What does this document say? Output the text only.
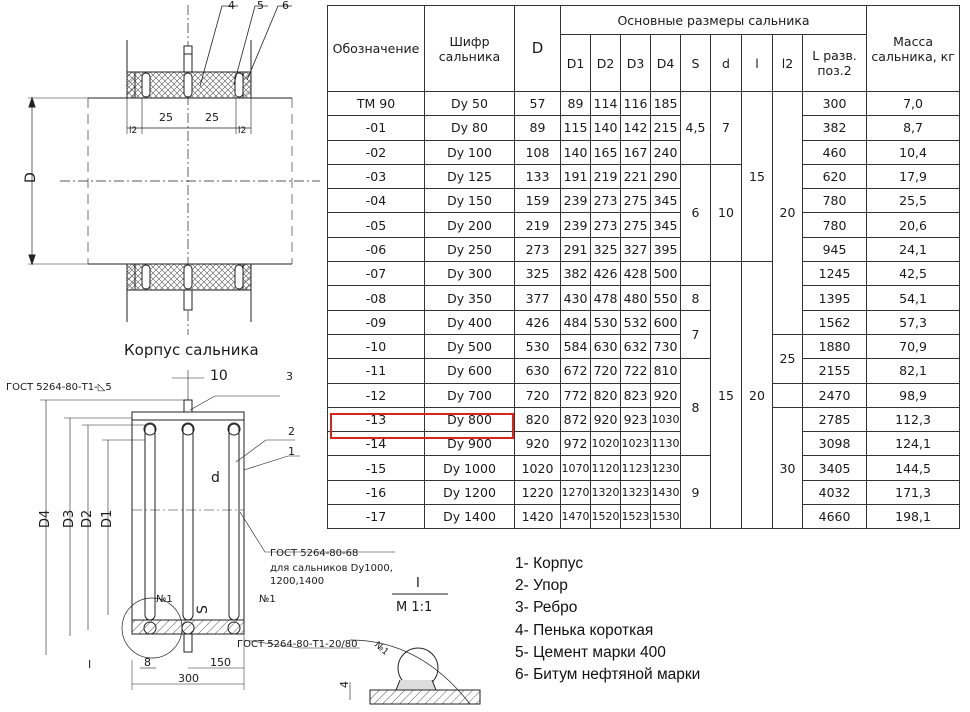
4 5 6
25	25
l2	l2
D
Корпус сальника
ГОСТ 5264-80-Т1-◺5
10	3
2
1
D4 D3 D2 D1
d
ГОСТ 5264-80-68
для сальников Dy1000,
1200,1400
№1	№1
S
I	8	150
300
ГОСТ 5264-80-Т1-20/80
I
M 1:1
№1
4
Обозначение	Шифр сальника	D	Основные размеры сальника									Масса сальника, кг
			D1	D2	D3	D4	S	d	l	l2	L разв. поз.2	
ТМ 90	Dy 50	57	89	114	116	185	4,5	7	15	20	300	7,0
-01	Dy 80	89	115	140	142	215					382	8,7
-02	Dy 100	108	140	165	167	240					460	10,4
-03	Dy 125	133	191	219	221	290	6	10			620	17,9
-04	Dy 150	159	239	273	275	345					780	25,5
-05	Dy 200	219	239	273	275	345					780	20,6
-06	Dy 250	273	291	325	327	395					945	24,1
-07	Dy 300	325	382	426	428	500		15	20		1245	42,5
-08	Dy 350	377	430	478	480	550	8				1395	54,1
-09	Dy 400	426	484	530	532	600	7				1562	57,3
-10	Dy 500	530	584	630	632	730				25	1880	70,9
-11	Dy 600	630	672	720	722	810	8				2155	82,1
-12	Dy 700	720	772	820	823	920					2470	98,9
-13	Dy 800	820	872	920	923	1030				30	2785	112,3
-14	Dy 900	920	972	1020	1023	1130					3098	124,1
-15	Dy 1000	1020	1070	1120	1123	1230	9				3405	144,5
-16	Dy 1200	1220	1270	1320	1323	1430					4032	171,3
-17	Dy 1400	1420	1470	1520	1523	1530					4660	198,1
1- Корпус
2- Упор
3- Ребро
4- Пенька короткая
5- Цемент марки 400
6- Битум нефтяной марки
